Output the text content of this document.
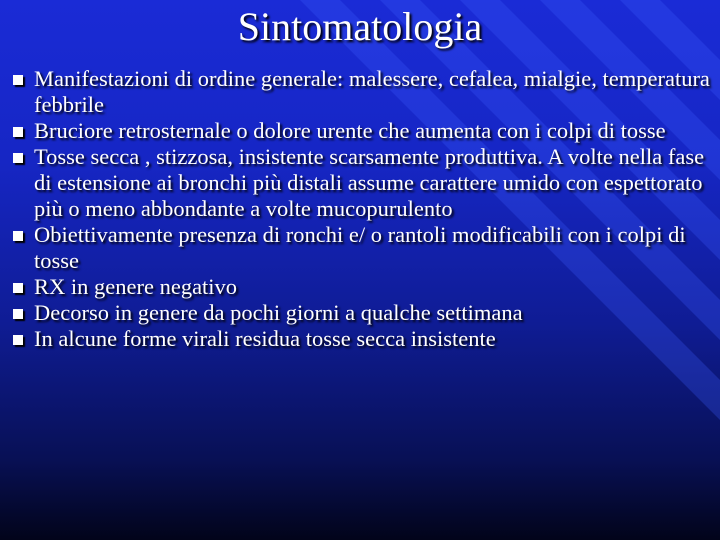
Sintomatologia
Manifestazioni di ordine generale: malessere, cefalea, mialgie, temperatura febbrile
Bruciore retrosternale o dolore urente che aumenta con i colpi di tosse
Tosse secca , stizzosa, insistente scarsamente produttiva. A volte nella fase di estensione ai bronchi più distali assume carattere umido con espettorato più o meno abbondante a volte mucopurulento
Obiettivamente presenza di ronchi e/ o rantoli modificabili con i colpi di tosse
RX in genere negativo
Decorso in genere da pochi giorni a qualche settimana
In alcune forme virali residua tosse secca insistente
